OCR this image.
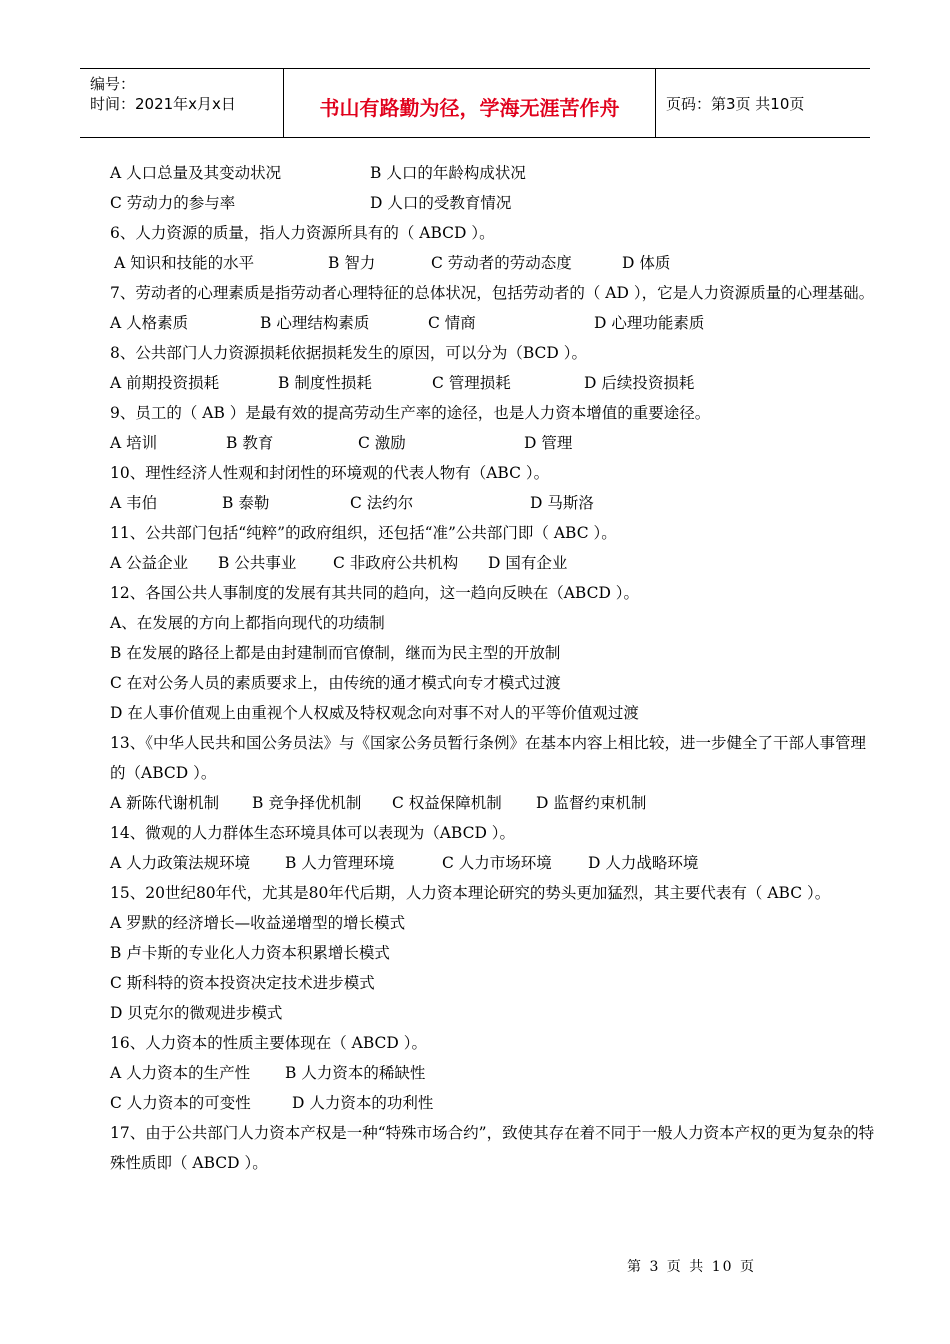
编号：
时间：2021年x月x日	书山有路勤为径，学海无涯苦作舟	页码：第3页 共10页
A 人口总量及其变动状况	B 人口的年龄构成状况
C 劳动力的参与率	D 人口的受教育情况
6、人力资源的质量，指人力资源所具有的（ ABCD ）。
A 知识和技能的水平	B 智力	C 劳动者的劳动态度	D 体质
7、劳动者的心理素质是指劳动者心理特征的总体状况，包括劳动者的（ AD ），它是人力资源质量的心理基础。
A 人格素质	B 心理结构素质	C 情商	D 心理功能素质
8、公共部门人力资源损耗依据损耗发生的原因，可以分为（BCD ）。
A 前期投资损耗	B 制度性损耗	C 管理损耗	D 后续投资损耗
9、员工的（ AB ）是最有效的提高劳动生产率的途径，也是人力资本增值的重要途径。
A 培训	B 教育	C 激励	D 管理
10、理性经济人性观和封闭性的环境观的代表人物有（ABC ）。
A 韦伯	B 泰勒	C 法约尔	D 马斯洛
11、公共部门包括“纯粹”的政府组织，还包括“准”公共部门即（ ABC ）。
A 公益企业 B 公共事业 C 非政府公共机构 D 国有企业
12、各国公共人事制度的发展有其共同的趋向，这一趋向反映在（ABCD ）。
A、在发展的方向上都指向现代的功绩制
B 在发展的路径上都是由封建制而官僚制，继而为民主型的开放制
C 在对公务人员的素质要求上，由传统的通才模式向专才模式过渡
D 在人事价值观上由重视个人权威及特权观念向对事不对人的平等价值观过渡
13、《中华人民共和国公务员法》与《国家公务员暂行条例》在基本内容上相比较，进一步健全了干部人事管理的（ABCD ）。
A 新陈代谢机制 B 竞争择优机制 C 权益保障机制 D 监督约束机制
14、微观的人力群体生态环境具体可以表现为（ABCD ）。
A 人力政策法规环境 B 人力管理环境	C 人力市场环境 D 人力战略环境
15、20世纪80年代，尤其是80年代后期，人力资本理论研究的势头更加猛烈，其主要代表有（ ABC ）。
A 罗默的经济增长—收益递增型的增长模式
B 卢卡斯的专业化人力资本积累增长模式
C 斯科特的资本投资决定技术进步模式
D 贝克尔的微观进步模式
16、人力资本的性质主要体现在（ ABCD ）。
A 人力资本的生产性 B 人力资本的稀缺性
C 人力资本的可变性	D 人力资本的功利性
17、由于公共部门人力资本产权是一种“特殊市场合约”，致使其存在着不同于一般人力资本产权的更为复杂的特殊性质即（ ABCD ）。
第 3 页 共 10 页
